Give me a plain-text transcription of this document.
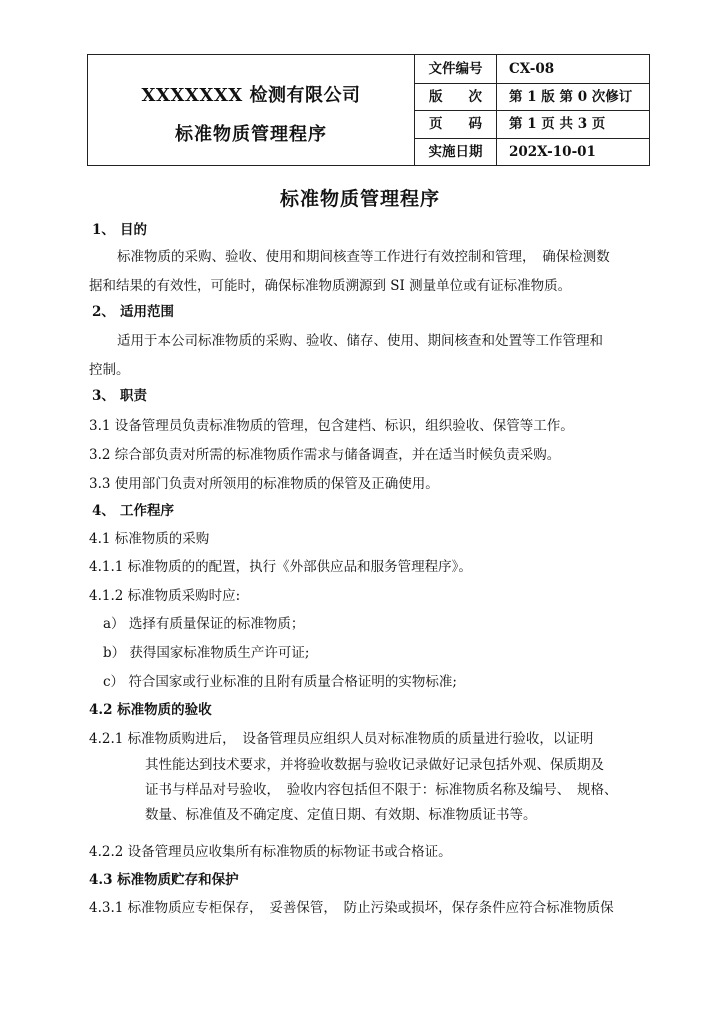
XXXXXXX 检测有限公司
标准物质管理程序
文件编号	CX-08
版　次	第 1 版 第 0 次修订
页　码	第 1 页 共 3 页
实施日期	202X-10-01
标准物质管理程序
1、 目的
标准物质的采购、验收、使用和期间核查等工作进行有效控制和管理，　确保检测数
据和结果的有效性，可能时，确保标准物质溯源到 SI 测量单位或有证标准物质。
2、 适用范围
适用于本公司标准物质的采购、验收、储存、使用、期间核查和处置等工作管理和
控制。
3、 职责
3.1 设备管理员负责标准物质的管理，包含建档、标识，组织验收、保管等工作。
3.2 综合部负责对所需的标准物质作需求与储备调查，并在适当时候负责采购。
3.3 使用部门负责对所领用的标准物质的保管及正确使用。
4、 工作程序
4.1 标准物质的采购
4.1.1 标准物质的的配置，执行《外部供应品和服务管理程序》。
4.1.2 标准物质采购时应:
a） 选择有质量保证的标准物质；
b） 获得国家标准物质生产许可证;
c） 符合国家或行业标准的且附有质量合格证明的实物标准;
4.2 标准物质的验收
4.2.1 标准物质购进后，　设备管理员应组织人员对标准物质的质量进行验收，以证明
其性能达到技术要求，并将验收数据与验收记录做好记录包括外观、保质期及
证书与样品对号验收，　验收内容包括但不限于：标准物质名称及编号、　规格、
数量、标准值及不确定度、定值日期、有效期、标准物质证书等。
4.2.2 设备管理员应收集所有标准物质的标物证书或合格证。
4.3 标准物质贮存和保护
4.3.1 标准物质应专柜保存，　妥善保管，　防止污染或损坏，保存条件应符合标准物质保
